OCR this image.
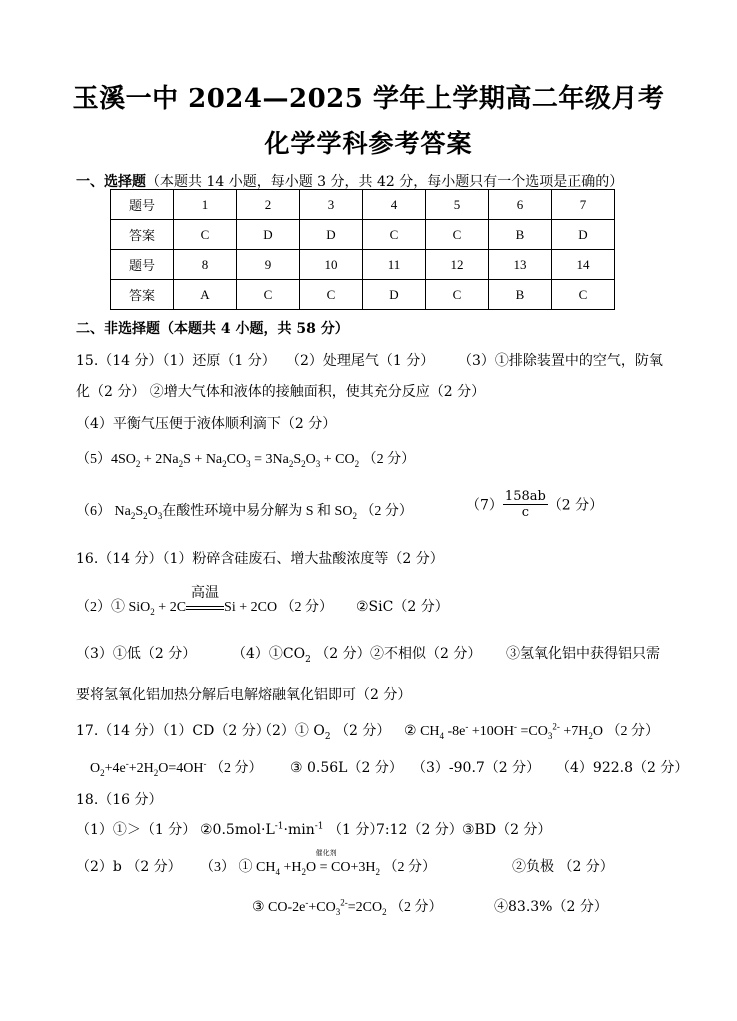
玉溪一中 2024—2025 学年上学期高二年级月考
化学学科参考答案
一、选择题（本题共 14 小题，每小题 3 分，共 42 分，每小题只有一个选项是正确的）
题号	1	2	3	4	5	6	7
答案	C	D	D	C	C	B	D
题号	8	9	10	11	12	13	14
答案	A	C	C	D	C	B	C
二、非选择题（本题共 4 小题，共 58 分）
15.（14 分）（1）还原（1 分） （2）处理尾气（1 分） （3）①排除装置中的空气，防氧
化（2 分） ②增大气体和液体的接触面积，使其充分反应（2 分）
（4）平衡气压便于液体顺利滴下（2 分）
$(5)4SO_2 + 2Na_2S + Na_2CO_3 = 3Na_2S_2O_3 + CO_2$ （2 分）
（6） $Na_2S_2O_3$在酸性环境中易分解为 S 和 $SO_2$ （2 分）	$(7) \frac{158ab}{c} (2$ 分）
16.（14 分）（1）粉碎含硅废石、增大盐酸浓度等（2 分）
（2）① SiO$_2$ + 2C
高温
Si + 2CO （2 分） ②SiC（2 分）
（3）①低（2 分）	$(4)①CO_2$ （2 分） ②不相似（2 分） ③氢氧化铝中获得铝只需
要将氢氧化铝加热分解后电解熔融氧化铝即可（2 分）
17.（14 分）（1）CD（2 分）
（2）① $O_2$ （2 分） ② $CH_4$ $-8e^- +10OH^- =CO_3^{2-} +7H_2O$ （2 分）
$O_2+4e^-+2H_2O=4OH^-$ （2 分） ③ 0.56L（2 分） （3）-90.7（2 分） （4）922.8（2 分）
18.（16 分）
（1）①＞（1 分） $②0.5mol\cdot L^{-1}\cdot\min^{-1}$ （1 分）
7:12（2 分） ③BD（2 分）
（2）b （2 分） （3） ① $CH_4 +H_2O$
催化剂
= $CO+3H_2$ （2 分）	②负极 （2 分）
③ $CO-2e^-+CO_3^{2-}=2CO_2$ （2 分）	④83.3%（2 分）
